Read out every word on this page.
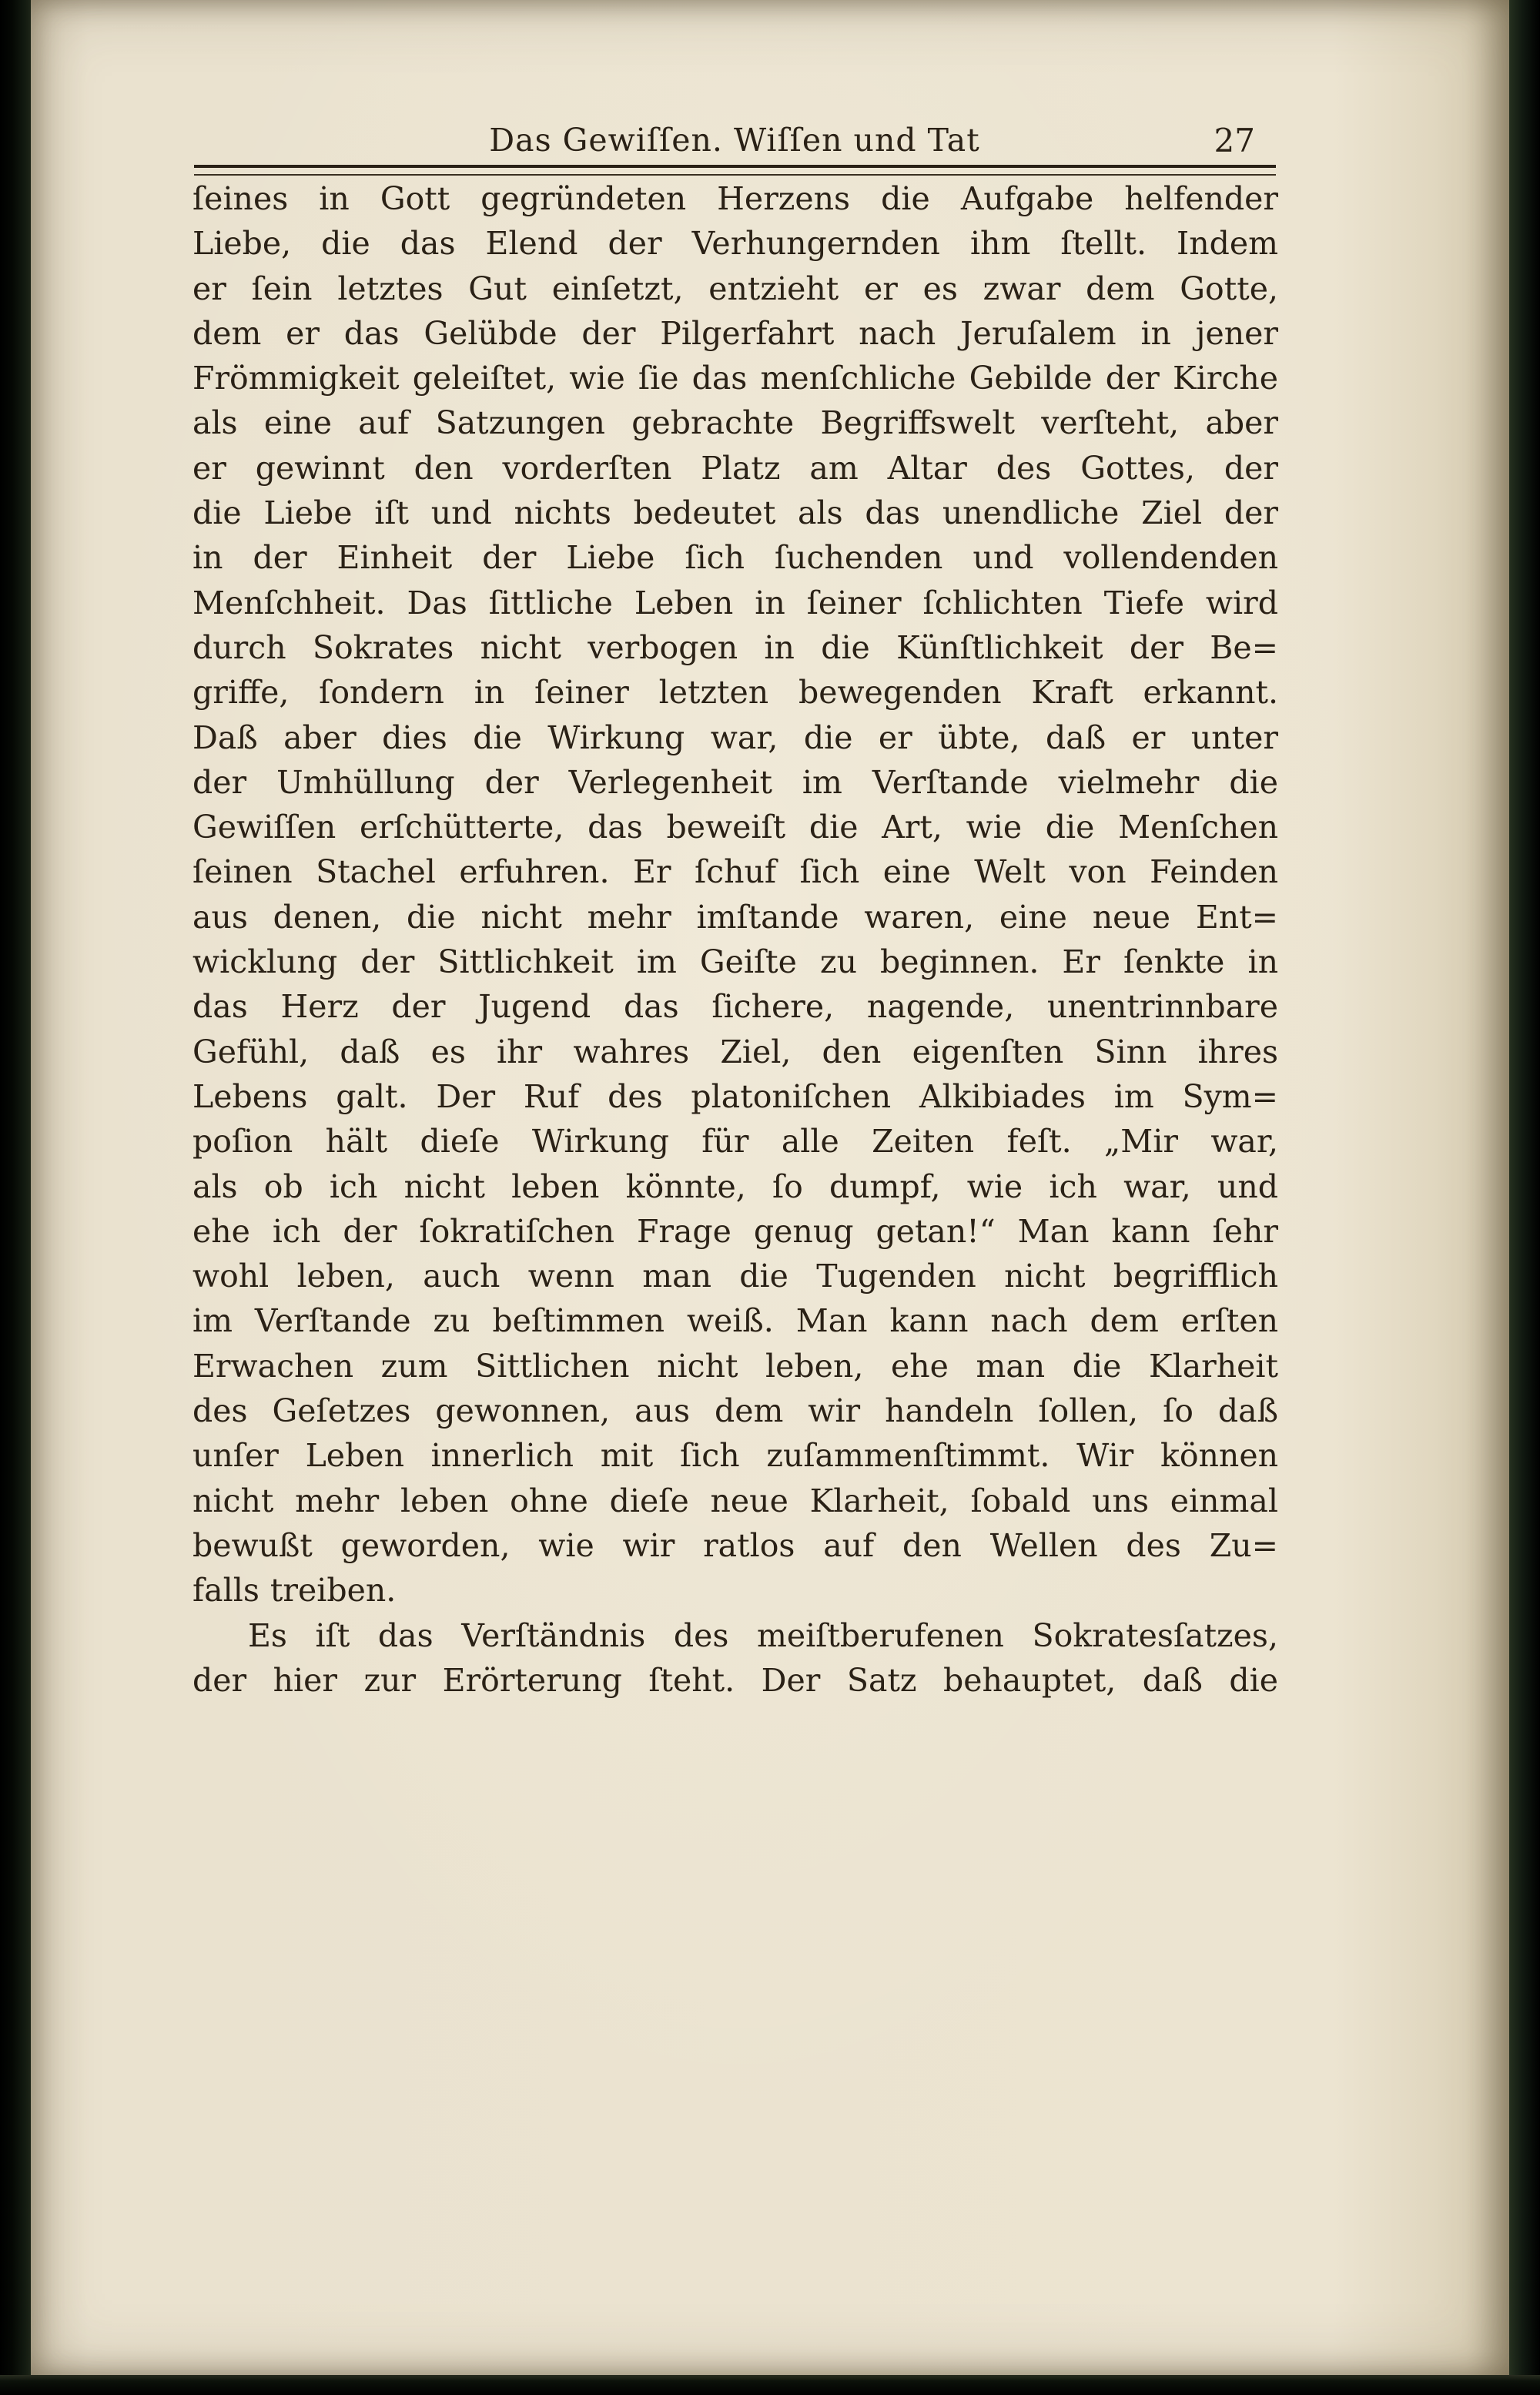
Das Gewiſſen. Wiſſen und Tat	27
ſeines in Gott gegründeten Herzens die Aufgabe helfender
Liebe, die das Elend der Verhungernden ihm ſtellt. Indem
er ſein letztes Gut einſetzt, entzieht er es zwar dem Gotte,
dem er das Gelübde der Pilgerfahrt nach Jeruſalem in jener
Frömmigkeit geleiſtet, wie ſie das menſchliche Gebilde der Kirche
als eine auf Satzungen gebrachte Begriffswelt verſteht, aber
er gewinnt den vorderſten Platz am Altar des Gottes, der
die Liebe iſt und nichts bedeutet als das unendliche Ziel der
in der Einheit der Liebe ſich ſuchenden und vollendenden
Menſchheit. Das ſittliche Leben in ſeiner ſchlichten Tiefe wird
durch Sokrates nicht verbogen in die Künſtlichkeit der Be=
griffe, ſondern in ſeiner letzten bewegenden Kraft erkannt.
Daß aber dies die Wirkung war, die er übte, daß er unter
der Umhüllung der Verlegenheit im Verſtande vielmehr die
Gewiſſen erſchütterte, das beweiſt die Art, wie die Menſchen
ſeinen Stachel erfuhren. Er ſchuf ſich eine Welt von Feinden
aus denen, die nicht mehr imſtande waren, eine neue Ent=
wicklung der Sittlichkeit im Geiſte zu beginnen. Er ſenkte in
das Herz der Jugend das ſichere, nagende, unentrinnbare
Gefühl, daß es ihr wahres Ziel, den eigenſten Sinn ihres
Lebens galt. Der Ruf des platoniſchen Alkibiades im Sym=
poſion hält dieſe Wirkung für alle Zeiten feſt. „Mir war,
als ob ich nicht leben könnte, ſo dumpf, wie ich war, und
ehe ich der ſokratiſchen Frage genug getan!“ Man kann ſehr
wohl leben, auch wenn man die Tugenden nicht begrifflich
im Verſtande zu beſtimmen weiß. Man kann nach dem erſten
Erwachen zum Sittlichen nicht leben, ehe man die Klarheit
des Geſetzes gewonnen, aus dem wir handeln ſollen, ſo daß
unſer Leben innerlich mit ſich zuſammenſtimmt. Wir können
nicht mehr leben ohne dieſe neue Klarheit, ſobald uns einmal
bewußt geworden, wie wir ratlos auf den Wellen des Zu=
falls treiben.
Es iſt das Verſtändnis des meiſtberufenen Sokratesſatzes,
der hier zur Erörterung ſteht. Der Satz behauptet, daß die
